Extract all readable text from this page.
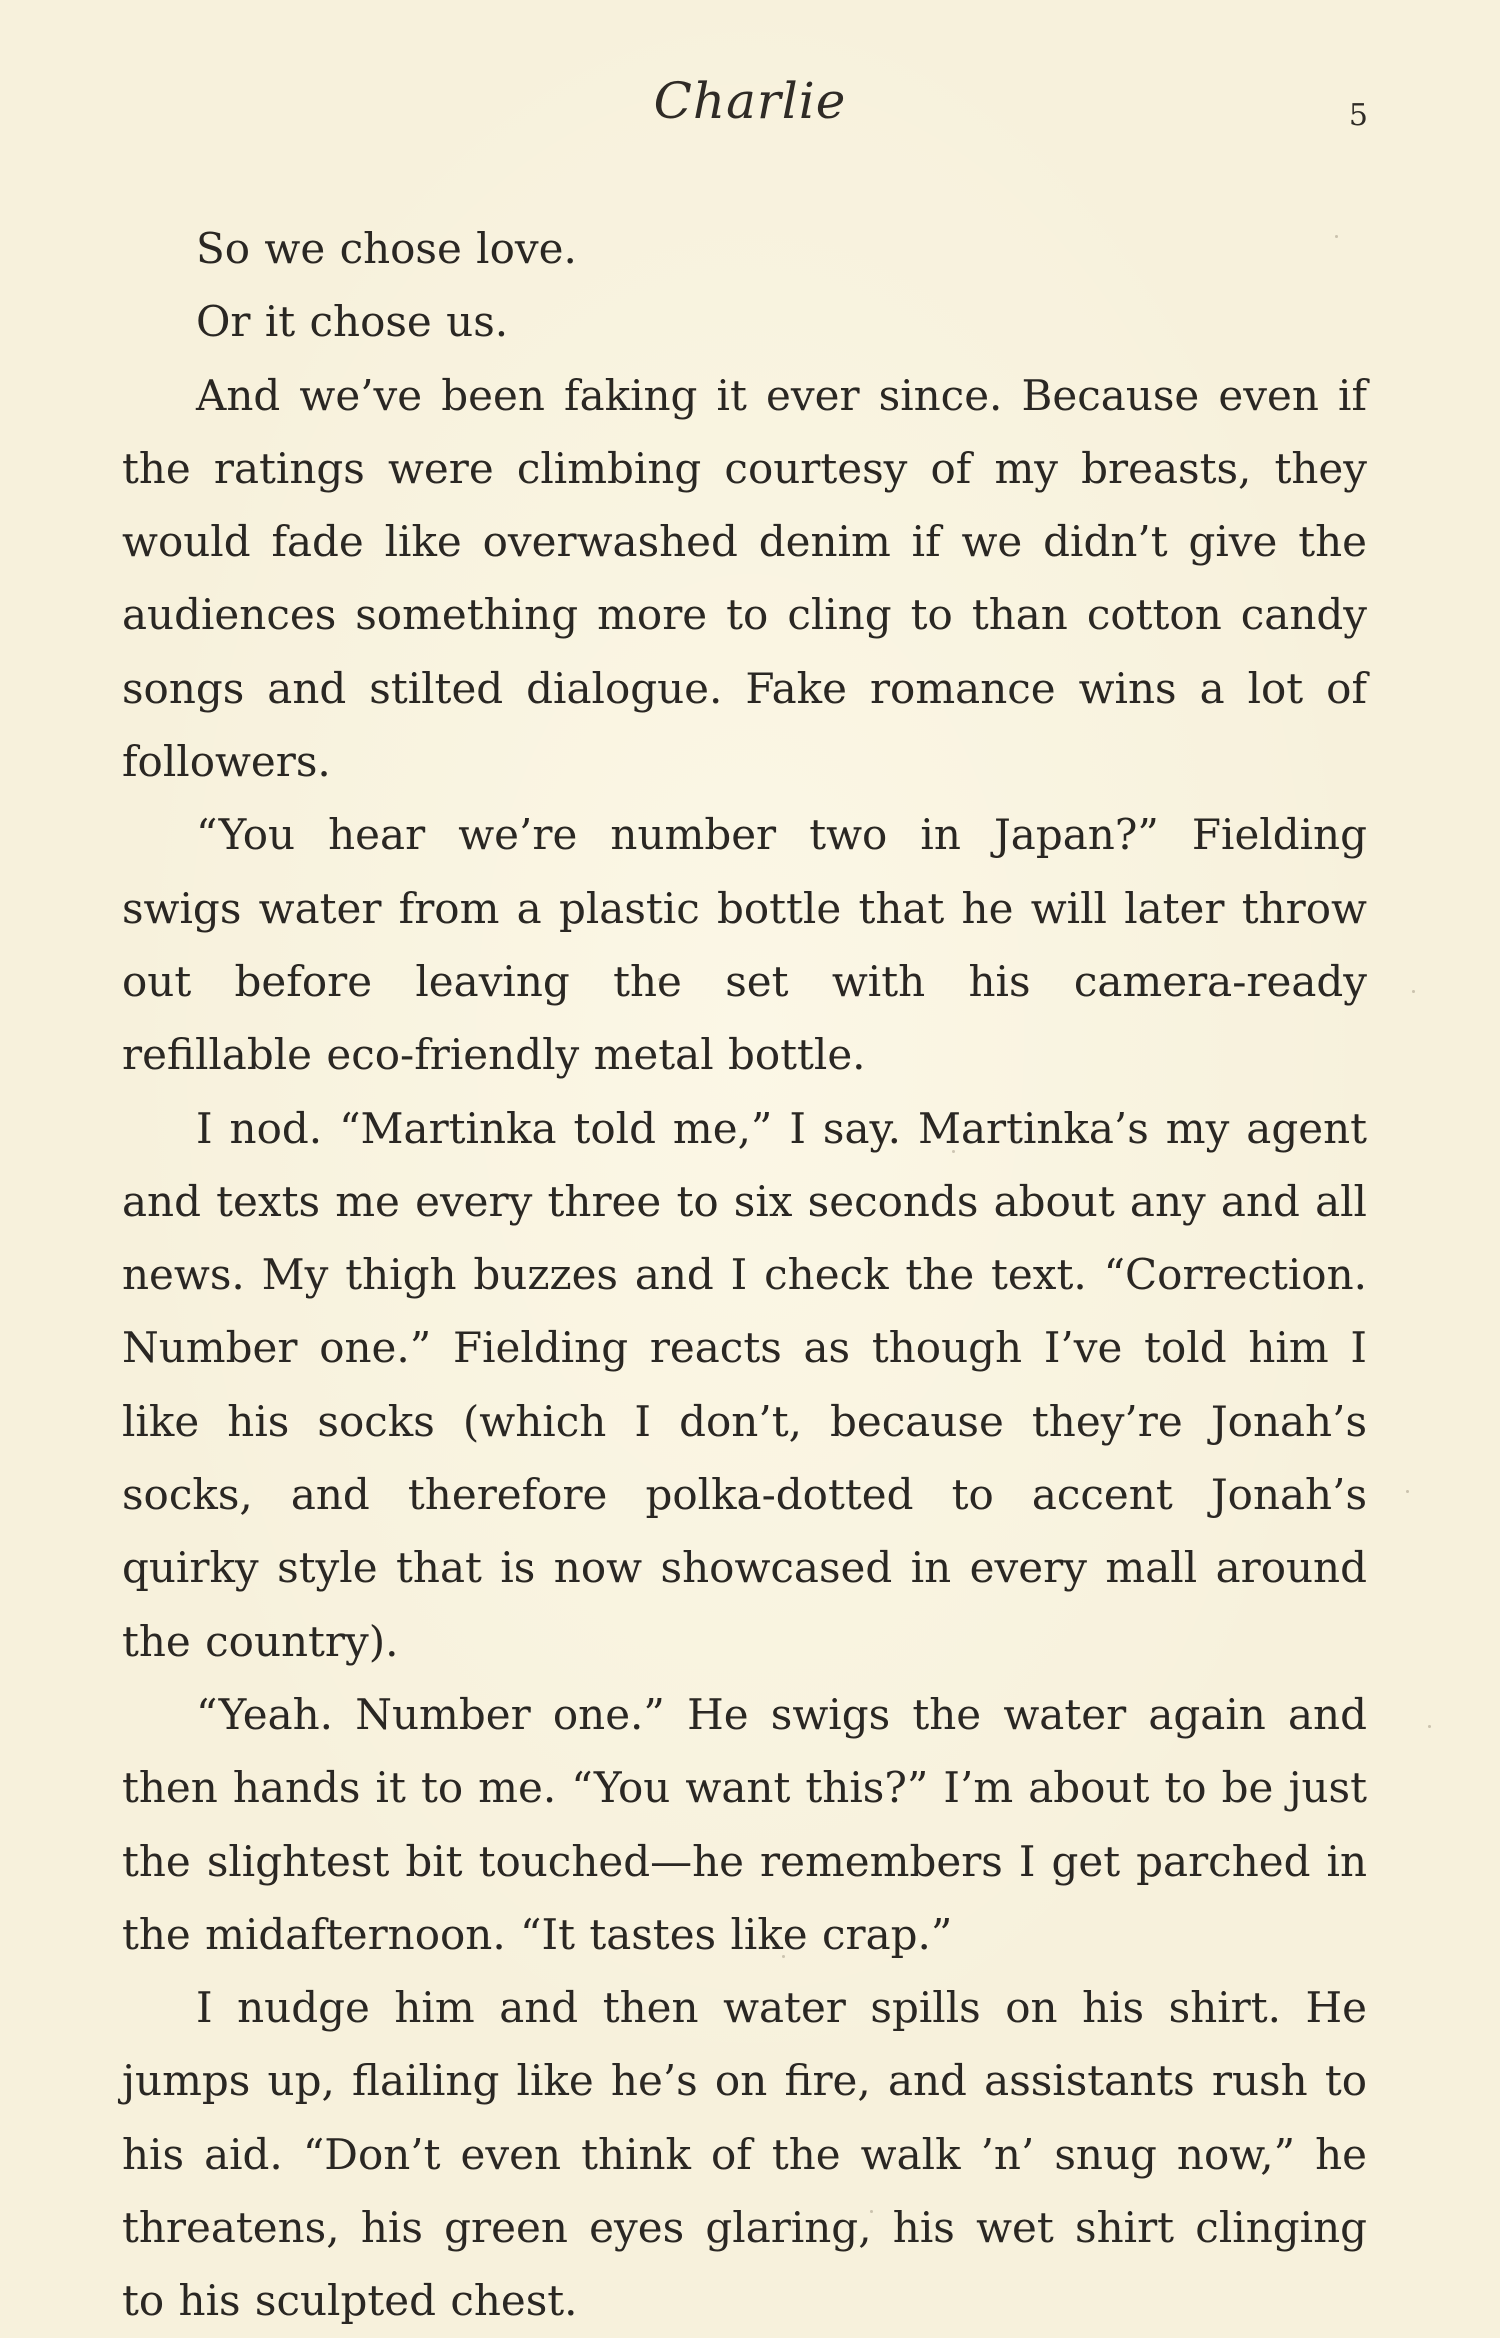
Charlie	5

So we chose love.

Or it chose us.

And we’ve been faking it ever since. Because even if the ratings were climbing courtesy of my breasts, they would fade like overwashed denim if we didn’t give the audiences something more to cling to than cotton candy songs and stilted dialogue. Fake romance wins a lot of followers.

“You hear we’re number two in Japan?” Fielding swigs water from a plastic bottle that he will later throw out before leaving the set with his camera-ready refillable eco-friendly metal bottle.

I nod. “Martinka told me,” I say. Martinka’s my agent and texts me every three to six seconds about any and all news. My thigh buzzes and I check the text. “Correction. Number one.” Fielding reacts as though I’ve told him I like his socks (which I don’t, because they’re Jonah’s socks, and therefore polka-dotted to accent Jonah’s quirky style that is now showcased in every mall around the country).

“Yeah. Number one.” He swigs the water again and then hands it to me. “You want this?” I’m about to be just the slightest bit touched—he remembers I get parched in the midafternoon. “It tastes like crap.”

I nudge him and then water spills on his shirt. He jumps up, flailing like he’s on fire, and assistants rush to his aid. “Don’t even think of the walk ’n’ snug now,” he threatens, his green eyes glaring, his wet shirt clinging to his sculpted chest.
